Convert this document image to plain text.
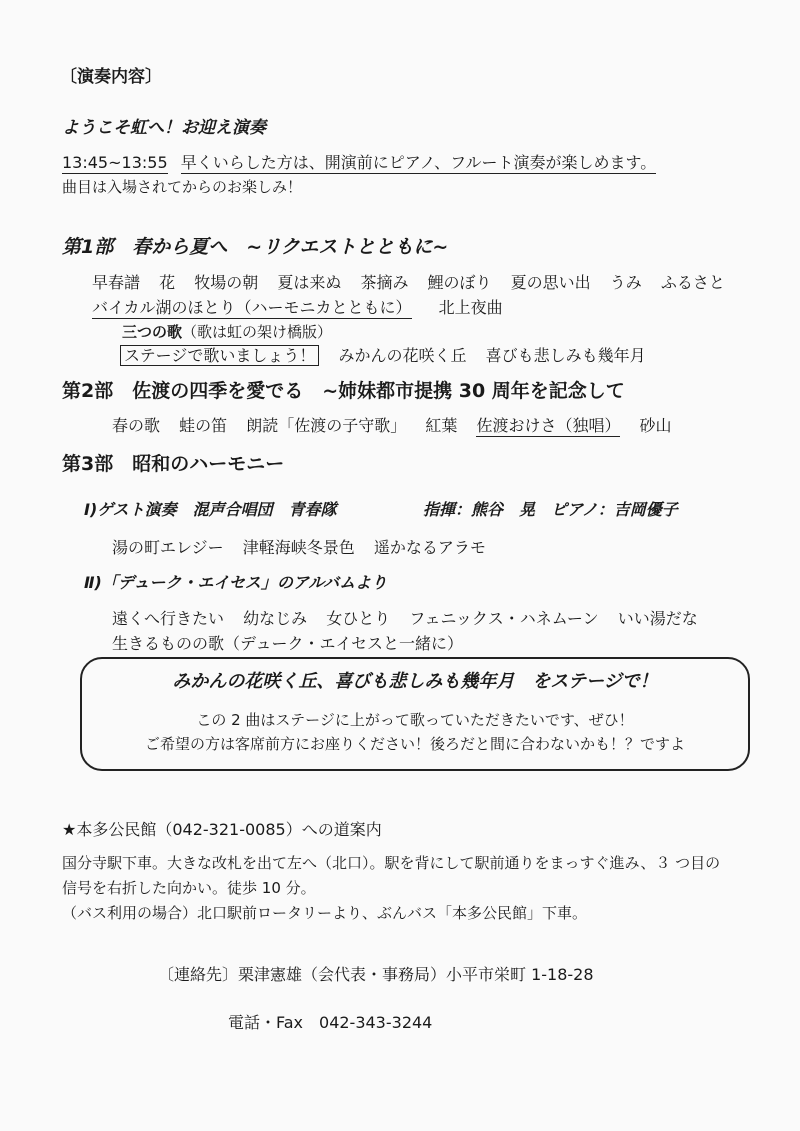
〔演奏内容〕
ようこそ虹へ！お迎え演奏
13:45~13:55 早くいらした方は、開演前にピアノ、フルート演奏が楽しめます。
曲目は入場されてからのお楽しみ！
第1部　春から夏へ　~リクエストとともに~
早春譜 花 牧場の朝 夏は来ぬ 茶摘み 鯉のぼり 夏の思い出 うみ ふるさと
バイカル湖のほとり（ハーモニカとともに） 北上夜曲
三つの歌（歌は虹の架け橋版）
ステージで歌いましょう！ みかんの花咲く丘 喜びも悲しみも幾年月
第2部　佐渡の四季を愛でる　~姉妹都市提携 30 周年を記念して
春の歌 蛙の笛 朗読「佐渡の子守歌」 紅葉 佐渡おけさ（独唱） 砂山
第3部　昭和のハーモニー
Ⅰ)ゲスト演奏　混声合唱団　青春隊	指揮：熊谷　晃　ピアノ：吉岡優子
湯の町エレジー 津軽海峡冬景色 遥かなるアラモ
Ⅱ)「デューク・エイセス」のアルバムより
遠くへ行きたい 幼なじみ 女ひとり フェニックス・ハネムーン いい湯だな
生きるものの歌（デューク・エイセスと一緒に）
みかんの花咲く丘、喜びも悲しみも幾年月　をステージで！
この 2 曲はステージに上がって歌っていただきたいです、ぜひ！
ご希望の方は客席前方にお座りください！後ろだと間に合わないかも！？ですよ
★本多公民館（042-321-0085）への道案内
国分寺駅下車。大きな改札を出て左へ（北口）。駅を背にして駅前通りをまっすぐ進み、３ つ目の
信号を右折した向かい。徒歩 10 分。
（バス利用の場合）北口駅前ロータリーより、ぶんバス「本多公民館」下車。
〔連絡先〕栗津憲雄（会代表・事務局）小平市栄町 1-18-28
電話・Fax　042-343-3244
